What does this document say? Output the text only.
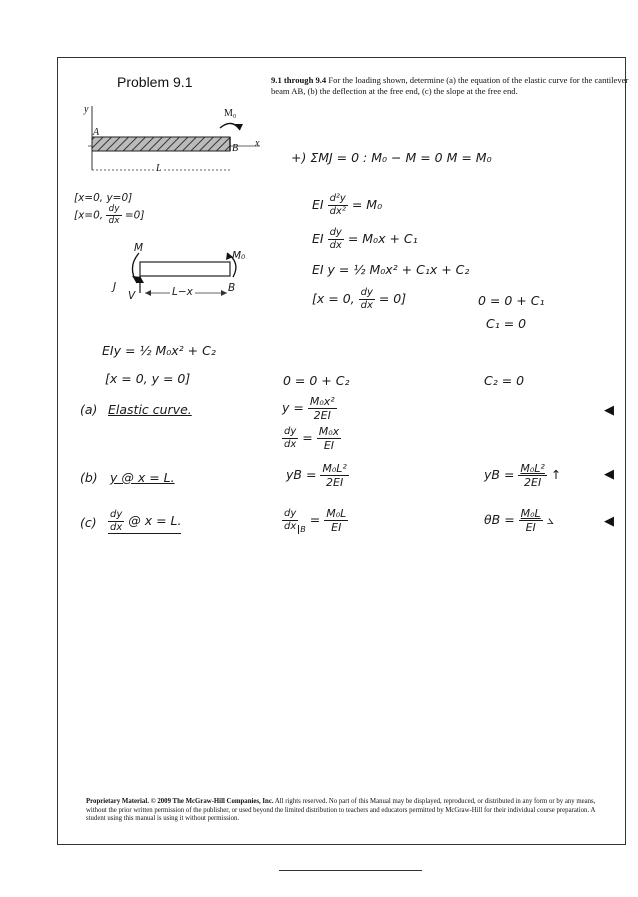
Problem 9.1	9.1 through 9.4 For the loading shown, determine (a) the equation of the elastic curve for the cantilever beam AB, (b) the deflection at the free end, (c) the slope at the free end.
y
x
A
B
M₀
L
[x=0, y=0]
[x=0, $\frac{dy}{dx} =0$]
M
M₀
J
V	L−x	B
+) ΣMJ = 0 : M₀ − M = 0 M = M₀
EI $\frac{\text{d²y}}{\text{dx²}} = M_0$
EI $\frac{dy}{dx} = M_0x + C_1$
EI y = ½ M₀x² + C₁x + C₂
[x = 0, $\frac{dy}{dx} = 0$]	0 = 0 + C₁
C₁ = 0
EIy = ½ M₀x² + C₂
[x = 0, y = 0]	0 = 0 + C₂	C₂ = 0
(a) Elastic curve.	$y = \frac{\text{M₀x²}}{2EI}$
$\frac{dy}{dx} = \frac{\text{M₀x}}{EI}$
◀
(b) y @ x = L.	yB = $\frac{\text{M₀L²}}{2EI}$	yB = $\frac{\text{M₀L²}}{2EI}$ ↑	◀
$(c) \frac{dy}{dx}$ @ x = L.	$\frac{dy}{dx} _B = \frac{\text{M₀L}}{EI}$	$\theta B = \frac{\text{M₀L}}{EI}$ ⦣	◀
Proprietary Material. © 2009 The McGraw-Hill Companies, Inc. All rights reserved. No part of this Manual may be displayed, reproduced, or distributed in any form or by any means, without the prior written permission of the publisher, or used beyond the limited distribution to teachers and educators permitted by McGraw-Hill for their individual course preparation. A student using this manual is using it without permission.
